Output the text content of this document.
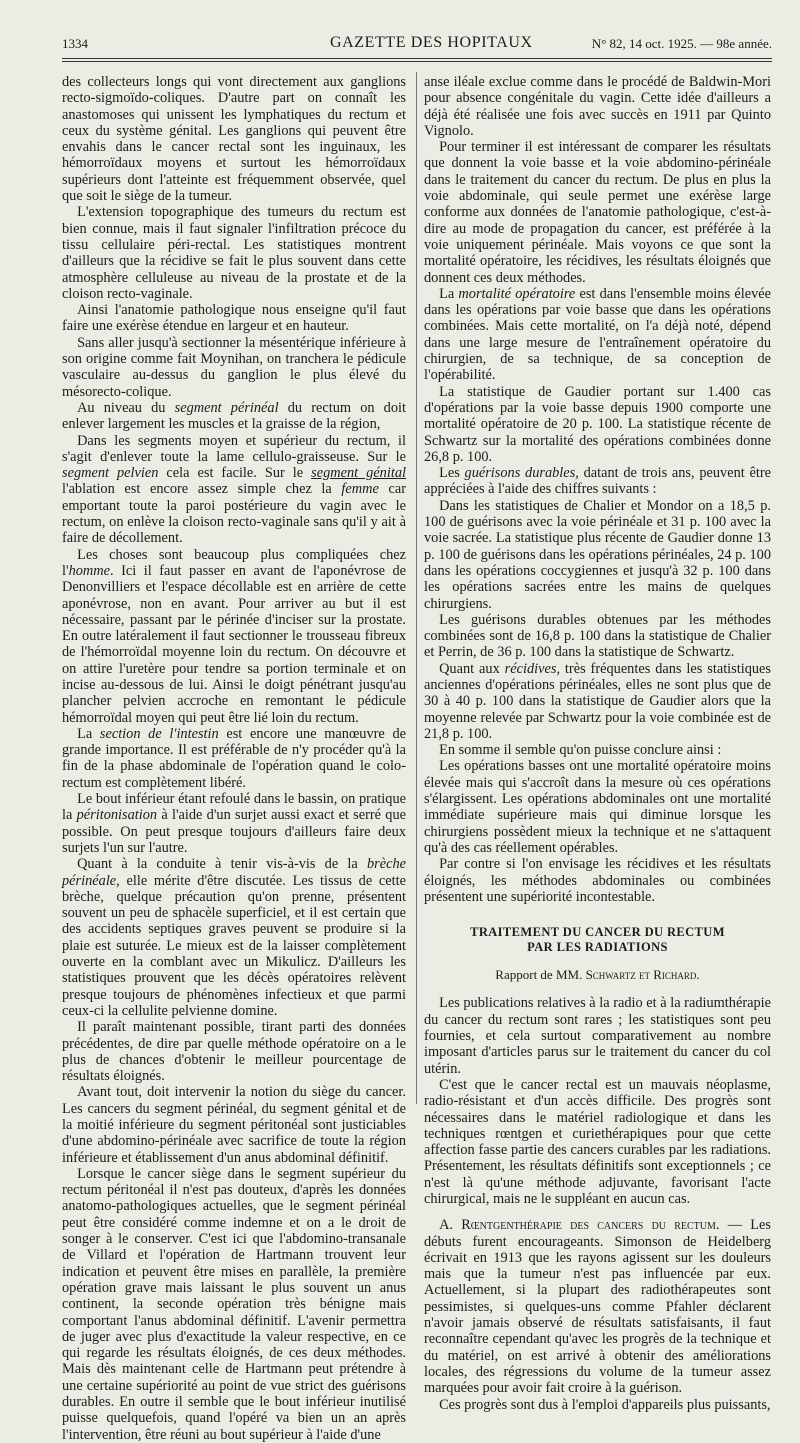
1334	GAZETTE DES HOPITAUX	N° 82, 14 oct. 1925. — 98e année.

des collecteurs longs qui vont directement aux ganglions recto-sigmoïdo-coliques. D'autre part on connaît les anastomoses qui unissent les lymphatiques du rectum et ceux du système génital. Les ganglions qui peuvent être envahis dans le cancer rectal sont les inguinaux, les hémorroïdaux moyens et surtout les hémorroïdaux supérieurs dont l'atteinte est fréquemment observée, quel que soit le siège de la tumeur.

L'extension topographique des tumeurs du rectum est bien connue, mais il faut signaler l'infiltration précoce du tissu cellulaire péri-rectal. Les statistiques montrent d'ailleurs que la récidive se fait le plus souvent dans cette atmosphère celluleuse au niveau de la prostate et de la cloison recto-vaginale.

Ainsi l'anatomie pathologique nous enseigne qu'il faut faire une exérèse étendue en largeur et en hauteur.

Sans aller jusqu'à sectionner la mésentérique inférieure à son origine comme fait Moynihan, on tranchera le pédicule vasculaire au-dessus du ganglion le plus élevé du mésorecto-colique.

Au niveau du segment périnéal du rectum on doit enlever largement les muscles et la graisse de la région,

Dans les segments moyen et supérieur du rectum, il s'agit d'enlever toute la lame cellulo-graisseuse. Sur le segment pelvien cela est facile. Sur le segment génital l'ablation est encore assez simple chez la femme car emportant toute la paroi postérieure du vagin avec le rectum, on enlève la cloison recto-vaginale sans qu'il y ait à faire de décollement.

Les choses sont beaucoup plus compliquées chez l'homme. Ici il faut passer en avant de l'aponévrose de Denonvilliers et l'espace décollable est en arrière de cette aponévrose, non en avant. Pour arriver au but il est nécessaire, passant par le périnée d'inciser sur la prostate. En outre latéralement il faut sectionner le trousseau fibreux de l'hémorroïdal moyenne loin du rectum. On découvre et on attire l'uretère pour tendre sa portion terminale et on incise au-dessous de lui. Ainsi le doigt pénétrant jusqu'au plancher pelvien accroche en remontant le pédicule hémorroïdal moyen qui peut être lié loin du rectum.

La section de l'intestin est encore une manœuvre de grande importance. Il est préférable de n'y procéder qu'à la fin de la phase abdominale de l'opération quand le colo-rectum est complètement libéré.

Le bout inférieur étant refoulé dans le bassin, on pratique la péritonisation à l'aide d'un surjet aussi exact et serré que possible. On peut presque toujours d'ailleurs faire deux surjets l'un sur l'autre.

Quant à la conduite à tenir vis-à-vis de la brèche périnéale, elle mérite d'être discutée. Les tissus de cette brèche, quelque précaution qu'on prenne, présentent souvent un peu de sphacèle superficiel, et il est certain que des accidents septiques graves peuvent se produire si la plaie est suturée. Le mieux est de la laisser complètement ouverte en la comblant avec un Mikulicz. D'ailleurs les statistiques prouvent que les décès opératoires relèvent presque toujours de phénomènes infectieux et que parmi ceux-ci la cellulite pelvienne domine.

Il paraît maintenant possible, tirant parti des données précédentes, de dire par quelle méthode opératoire on a le plus de chances d'obtenir le meilleur pourcentage de résultats éloignés.

Avant tout, doit intervenir la notion du siège du cancer. Les cancers du segment périnéal, du segment génital et de la moitié inférieure du segment péritonéal sont justiciables d'une abdomino-périnéale avec sacrifice de toute la région inférieure et établissement d'un anus abdominal définitif.

Lorsque le cancer siège dans le segment supérieur du rectum péritonéal il n'est pas douteux, d'après les données anatomo-pathologiques actuelles, que le segment périnéal peut être considéré comme indemne et on a le droit de songer à le conserver. C'est ici que l'abdomino-transanale de Villard et l'opération de Hartmann trouvent leur indication et peuvent être mises en parallèle, la première opération grave mais laissant le plus souvent un anus continent, la seconde opération très bénigne mais comportant l'anus abdominal définitif. L'avenir permettra de juger avec plus d'exactitude la valeur respective, en ce qui regarde les résultats éloignés, de ces deux méthodes. Mais dès maintenant celle de Hartmann peut prétendre à une certaine supériorité au point de vue strict des guérisons durables. En outre il semble que le bout inférieur inutilisé puisse quelquefois, quand l'opéré va bien un an après l'intervention, être réuni au bout supérieur à l'aide d'une

anse iléale exclue comme dans le procédé de Baldwin-Mori pour absence congénitale du vagin. Cette idée d'ailleurs a déjà été réalisée une fois avec succès en 1911 par Quinto Vignolo.

Pour terminer il est intéressant de comparer les résultats que donnent la voie basse et la voie abdomino-périnéale dans le traitement du cancer du rectum. De plus en plus la voie abdominale, qui seule permet une exérèse large conforme aux données de l'anatomie pathologique, c'est-à-dire au mode de propagation du cancer, est préférée à la voie uniquement périnéale. Mais voyons ce que sont la mortalité opératoire, les récidives, les résultats éloignés que donnent ces deux méthodes.

La mortalité opératoire est dans l'ensemble moins élevée dans les opérations par voie basse que dans les opérations combinées. Mais cette mortalité, on l'a déjà noté, dépend dans une large mesure de l'entraînement opératoire du chirurgien, de sa technique, de sa conception de l'opérabilité.

La statistique de Gaudier portant sur 1.400 cas d'opérations par la voie basse depuis 1900 comporte une mortalité opératoire de 20 p. 100. La statistique récente de Schwartz sur la mortalité des opérations combinées donne 26,8 p. 100.

Les guérisons durables, datant de trois ans, peuvent être appréciées à l'aide des chiffres suivants :

Dans les statistiques de Chalier et Mondor on a 18,5 p. 100 de guérisons avec la voie périnéale et 31 p. 100 avec la voie sacrée. La statistique plus récente de Gaudier donne 13 p. 100 de guérisons dans les opérations périnéales, 24 p. 100 dans les opérations coccygiennes et jusqu'à 32 p. 100 dans les opérations sacrées entre les mains de quelques chirurgiens.

Les guérisons durables obtenues par les méthodes combinées sont de 16,8 p. 100 dans la statistique de Chalier et Perrin, de 36 p. 100 dans la statistique de Schwartz.

Quant aux récidives, très fréquentes dans les statistiques anciennes d'opérations périnéales, elles ne sont plus que de 30 à 40 p. 100 dans la statistique de Gaudier alors que la moyenne relevée par Schwartz pour la voie combinée est de 21,8 p. 100.

En somme il semble qu'on puisse conclure ainsi :

Les opérations basses ont une mortalité opératoire moins élevée mais qui s'accroît dans la mesure où ces opérations s'élargissent. Les opérations abdominales ont une mortalité immédiate supérieure mais qui diminue lorsque les chirurgiens possèdent mieux la technique et ne s'attaquent qu'à des cas réellement opérables.

Par contre si l'on envisage les récidives et les résultats éloignés, les méthodes abdominales ou combinées présentent une supériorité incontestable.

TRAITEMENT DU CANCER DU RECTUM
PAR LES RADIATIONS
Rapport de MM. Schwartz et Richard.

Les publications relatives à la radio et à la radiumthérapie du cancer du rectum sont rares ; les statistiques sont peu fournies, et cela surtout comparativement au nombre imposant d'articles parus sur le traitement du cancer du col utérin.

C'est que le cancer rectal est un mauvais néoplasme, radio-résistant et d'un accès difficile. Des progrès sont nécessaires dans le matériel radiologique et dans les techniques rœntgen et curiethérapiques pour que cette affection fasse partie des cancers curables par les radiations. Présentement, les résultats définitifs sont exceptionnels ; ce n'est là qu'une méthode adjuvante, favorisant l'acte chirurgical, mais ne le suppléant en aucun cas.

A. Rœntgenthérapie des cancers du rectum. — Les débuts furent encourageants. Simonson de Heidelberg écrivait en 1913 que les rayons agissent sur les douleurs mais que la tumeur n'est pas influencée par eux. Actuellement, si la plupart des radiothérapeutes sont pessimistes, si quelques-uns comme Pfahler déclarent n'avoir jamais observé de résultats satisfaisants, il faut reconnaître cependant qu'avec les progrès de la technique et du matériel, on est arrivé à obtenir des améliorations locales, des régressions du volume de la tumeur assez marquées pour avoir fait croire à la guérison.

Ces progrès sont dus à l'emploi d'appareils plus puissants,
